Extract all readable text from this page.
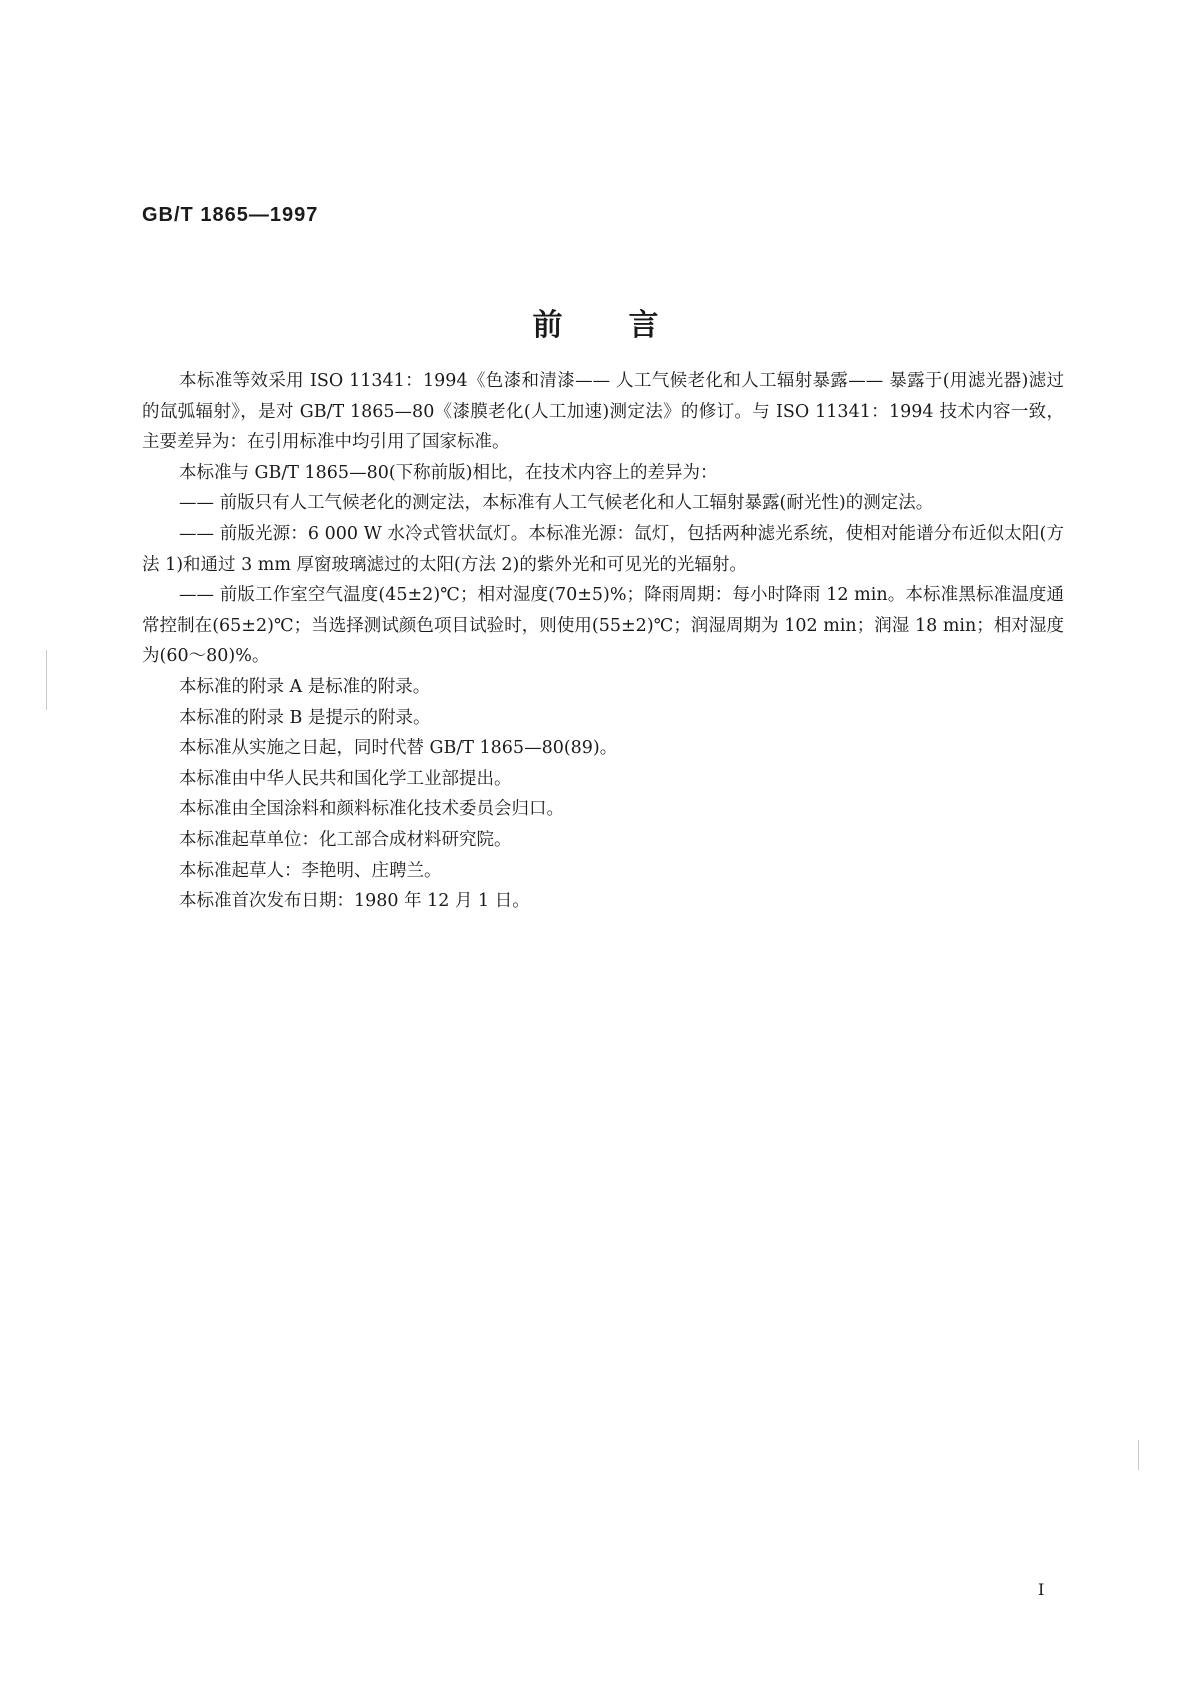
GB/T 1865—1997
前言

本标准等效采用 ISO 11341：1994《色漆和清漆—— 人工气候老化和人工辐射暴露—— 暴露于(用滤光器)滤过的氙弧辐射》，是对 GB/T 1865—80《漆膜老化(人工加速)测定法》的修订。与 ISO 11341：1994 技术内容一致，主要差异为：在引用标准中均引用了国家标准。

本标准与 GB/T 1865—80(下称前版)相比，在技术内容上的差异为：

—— 前版只有人工气候老化的测定法，本标准有人工气候老化和人工辐射暴露(耐光性)的测定法。

—— 前版光源：6 000 W 水冷式管状氙灯。本标准光源：氙灯，包括两种滤光系统，使相对能谱分布近似太阳(方法 1)和通过 3 mm 厚窗玻璃滤过的太阳(方法 2)的紫外光和可见光的光辐射。

—— 前版工作室空气温度(45±2)℃；相对湿度(70±5)%；降雨周期：每小时降雨 12 min。本标准黑标准温度通常控制在(65±2)℃；当选择测试颜色项目试验时，则使用(55±2)℃；润湿周期为 102 min；润湿 18 min；相对湿度为(60～80)%。

本标准的附录 A 是标准的附录。

本标准的附录 B 是提示的附录。

本标准从实施之日起，同时代替 GB/T 1865—80(89)。

本标准由中华人民共和国化学工业部提出。

本标准由全国涂料和颜料标准化技术委员会归口。

本标准起草单位：化工部合成材料研究院。

本标准起草人：李艳明、庄聘兰。

本标准首次发布日期：1980 年 12 月 1 日。

I
